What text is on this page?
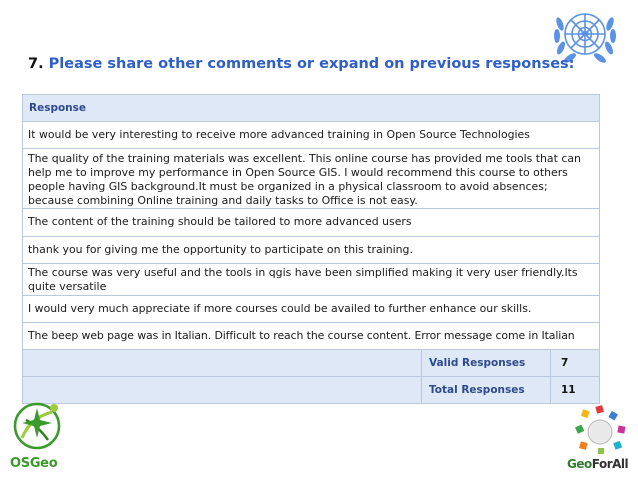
7. Please share other comments or expand on previous responses:
Response
It would be very interesting to receive more advanced training in Open Source Technologies
The quality of the training materials was excellent. This online course has provided me tools that can help me to improve my performance in Open Source GIS. I would recommend this course to others people having GIS background.It must be organized in a physical classroom to avoid absences; because combining Online training and daily tasks to Office is not easy.
The content of the training should be tailored to more advanced users
thank you for giving me the opportunity to participate on this training.
The course was very useful and the tools in qgis have been simplified making it very user friendly.Its quite versatile
I would very much appreciate if more courses could be availed to further enhance our skills.
The beep web page was in Italian. Difficult to reach the course content. Error message come in Italian
Valid Responses	7
Total Responses	11
OSGeo	GeoForAll
